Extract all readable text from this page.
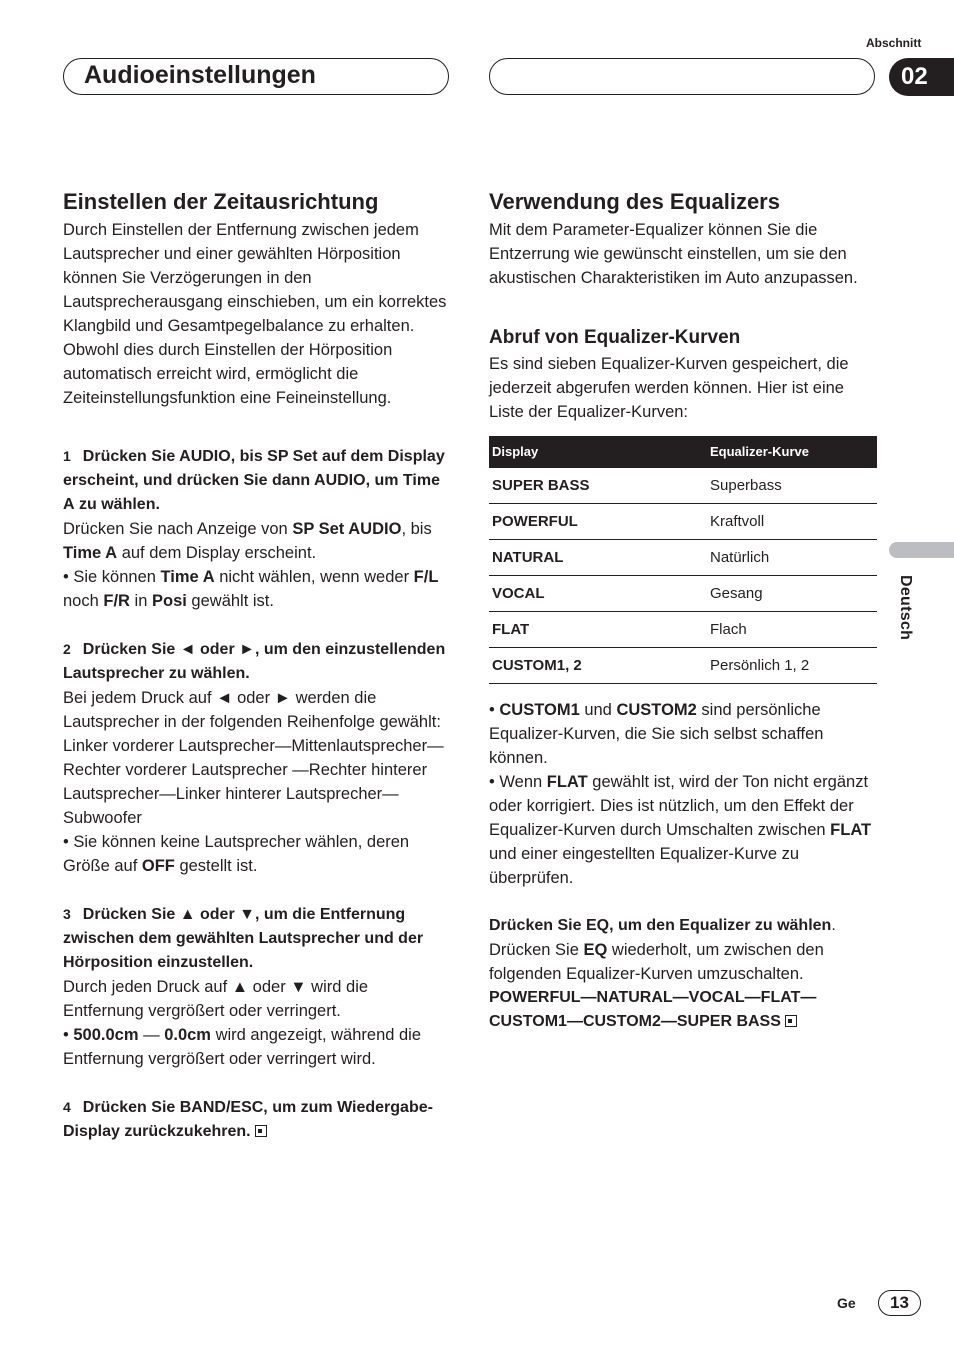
Abschnitt
Audioeinstellungen	02
Deutsch

Einstellen der Zeitausrichtung

Durch Einstellen der Entfernung zwischen jedem Lautsprecher und einer gewählten Hörposition können Sie Verzögerungen in den Lautsprecherausgang einschieben, um ein korrektes Klangbild und Gesamtpegelbalance zu erhalten. Obwohl dies durch Einstellen der Hörposition automatisch erreicht wird, ermöglicht die Zeiteinstellungsfunktion eine Feineinstellung.

1 Drücken Sie AUDIO, bis SP Set auf dem Display erscheint, und drücken Sie dann AUDIO, um Time A zu wählen.

Drücken Sie nach Anzeige von SP Set AUDIO, bis Time A auf dem Display erscheint.

• Sie können Time A nicht wählen, wenn weder F/L noch F/R in Posi gewählt ist.

2 Drücken Sie ◄ oder ►, um den einzustellenden Lautsprecher zu wählen.

Bei jedem Druck auf ◄ oder ► werden die Lautsprecher in der folgenden Reihenfolge gewählt:

Linker vorderer Lautsprecher—Mittenlautsprecher—Rechter vorderer Lautsprecher —Rechter hinterer Lautsprecher—Linker hinterer Lautsprecher—Subwoofer

• Sie können keine Lautsprecher wählen, deren Größe auf OFF gestellt ist.

3 Drücken Sie ▲ oder ▼, um die Entfernung zwischen dem gewählten Lautsprecher und der Hörposition einzustellen.

Durch jeden Druck auf ▲ oder ▼ wird die Entfernung vergrößert oder verringert.

• 500.0cm — 0.0cm wird angezeigt, während die Entfernung vergrößert oder verringert wird.

4 Drücken Sie BAND/ESC, um zum Wiedergabe-Display zurückzukehren.

Verwendung des Equalizers

Mit dem Parameter-Equalizer können Sie die Entzerrung wie gewünscht einstellen, um sie den akustischen Charakteristiken im Auto anzupassen.

Abruf von Equalizer-Kurven

Es sind sieben Equalizer-Kurven gespeichert, die jederzeit abgerufen werden können. Hier ist eine Liste der Equalizer-Kurven:

Display	Equalizer-Kurve
SUPER BASS	Superbass
POWERFUL	Kraftvoll
NATURAL	Natürlich
VOCAL	Gesang
FLAT	Flach
CUSTOM1, 2	Persönlich 1, 2

• CUSTOM1 und CUSTOM2 sind persönliche Equalizer-Kurven, die Sie sich selbst schaffen können.

• Wenn FLAT gewählt ist, wird der Ton nicht ergänzt oder korrigiert. Dies ist nützlich, um den Effekt der Equalizer-Kurven durch Umschalten zwischen FLAT und einer eingestellten Equalizer-Kurve zu überprüfen.

Drücken Sie EQ, um den Equalizer zu wählen.

Drücken Sie EQ wiederholt, um zwischen den folgenden Equalizer-Kurven umzuschalten.

POWERFUL—NATURAL—VOCAL—FLAT—CUSTOM1—CUSTOM2—SUPER BASS

Ge	13
